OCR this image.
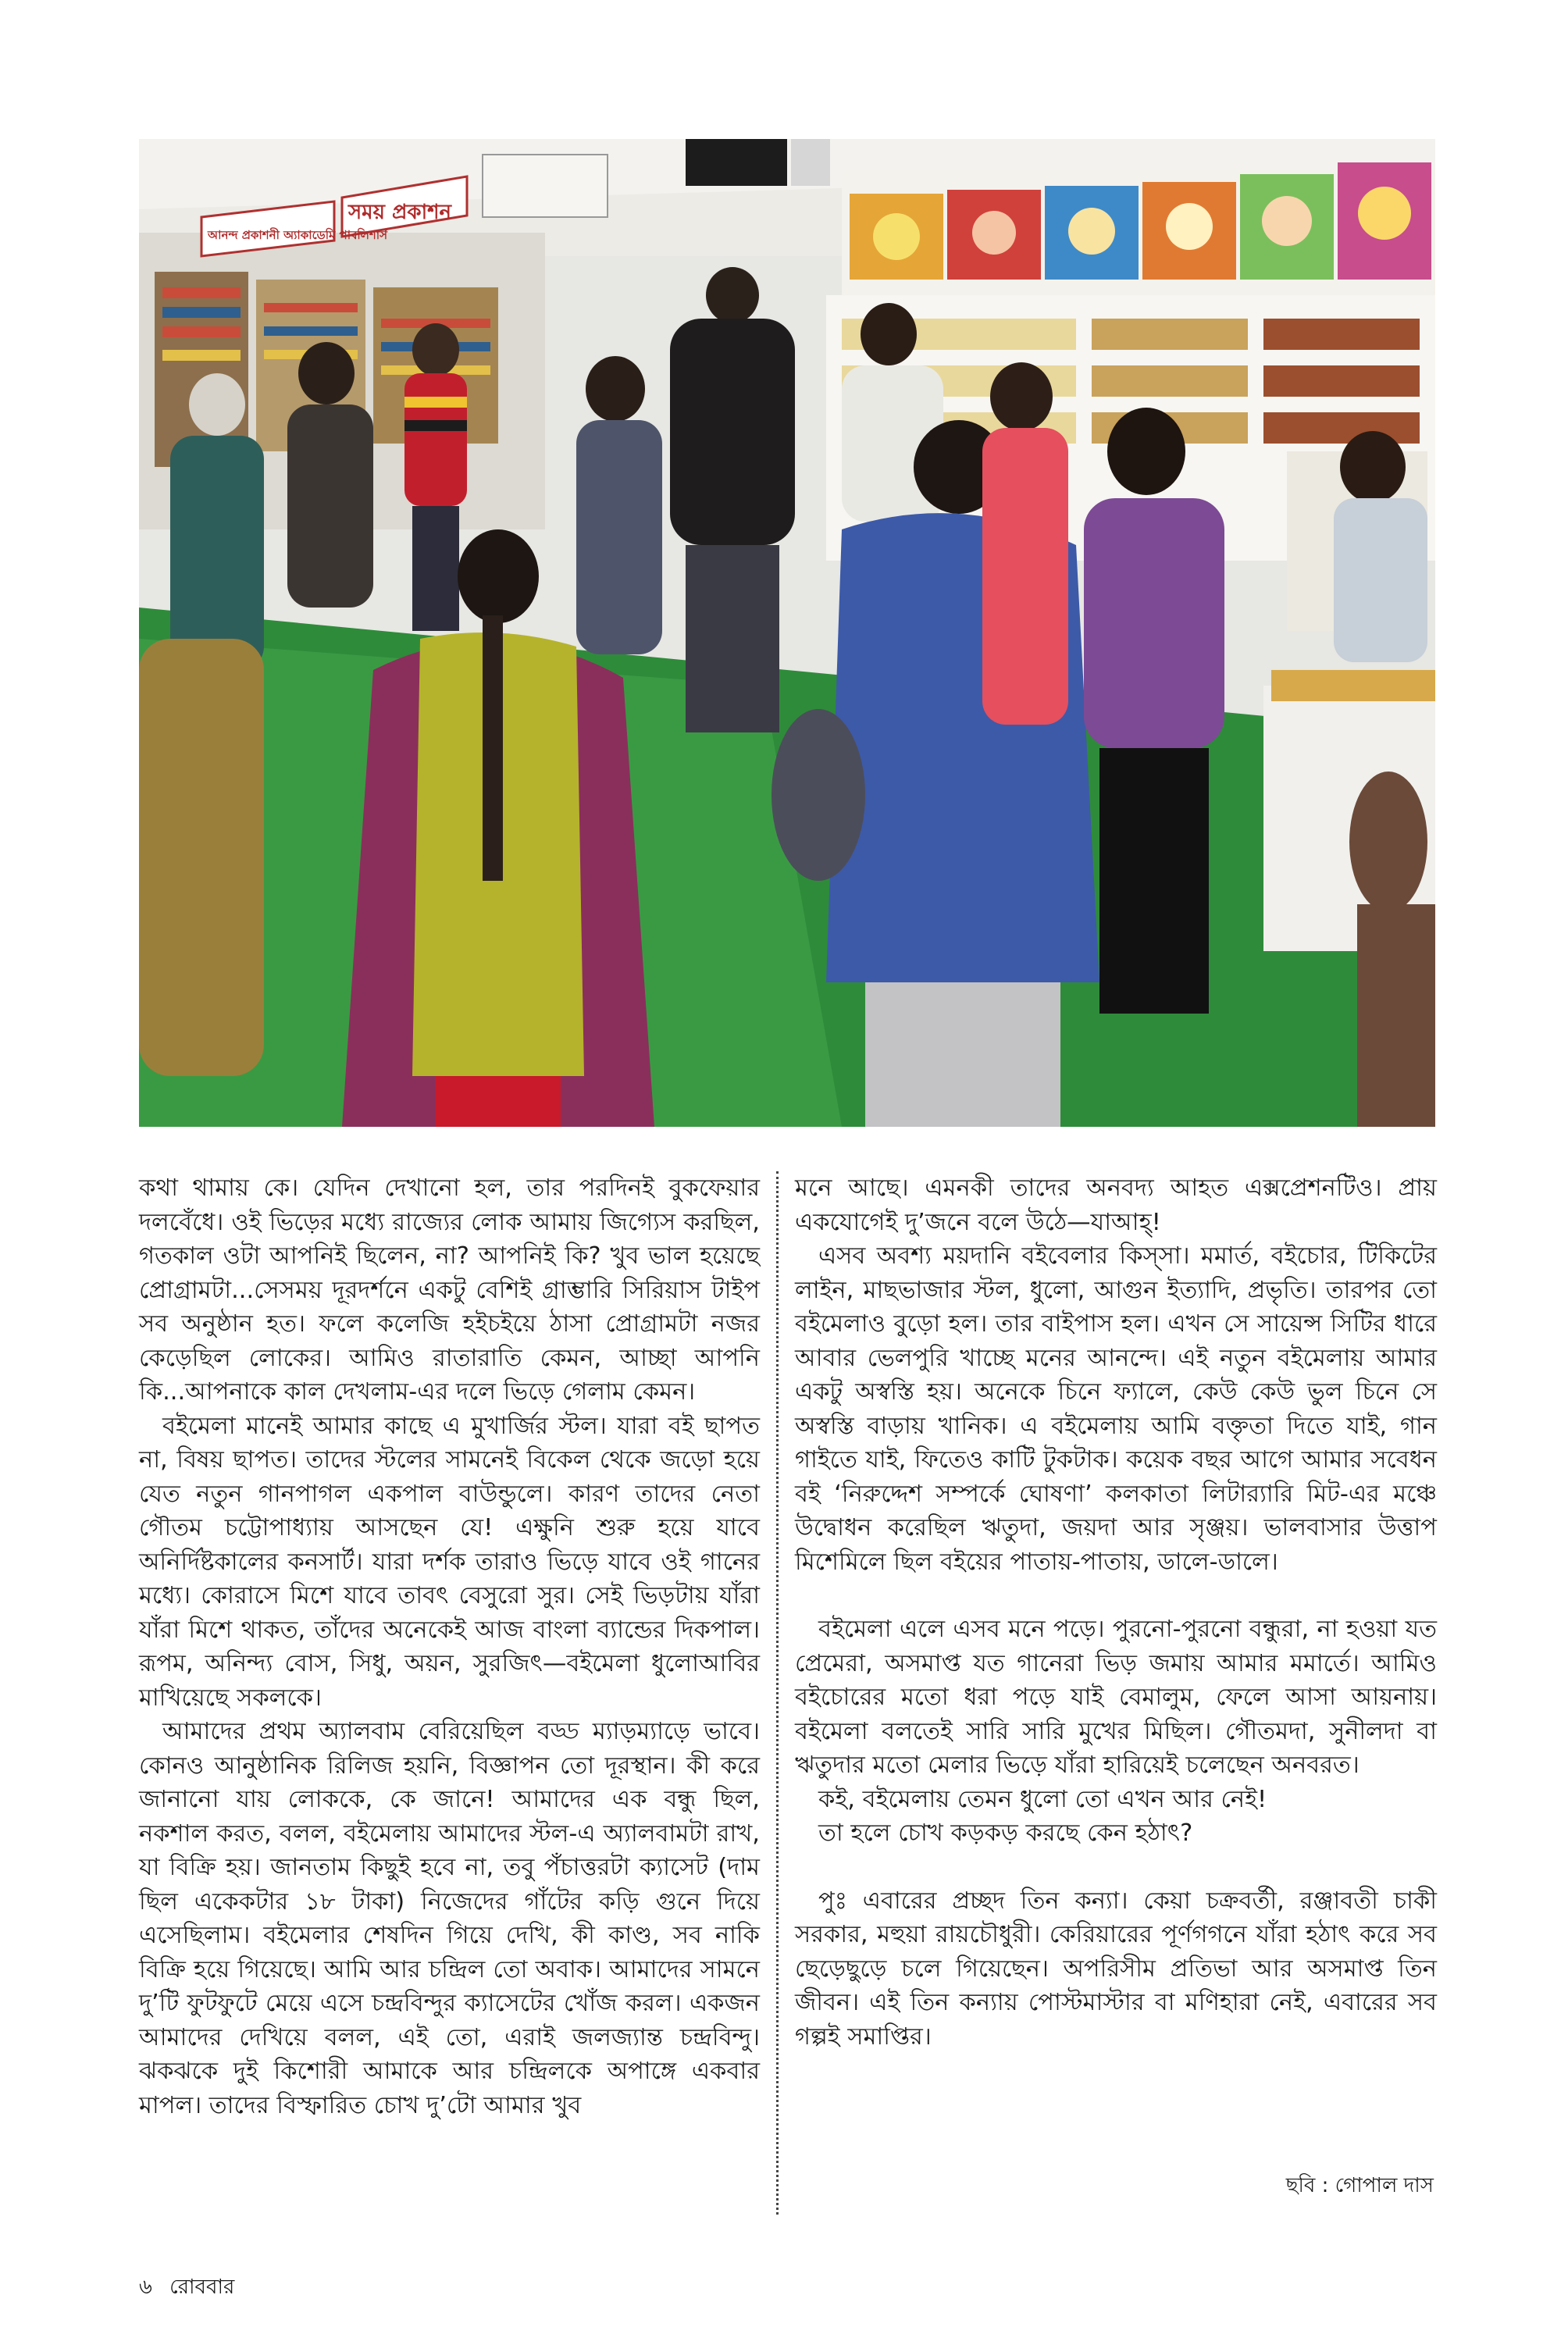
সময় প্রকাশন
আনন্দ প্রকাশনী অ্যাকাডেমি পাবলিশার্স

কথা থামায় কে। যেদিন দেখানো হল, তার পরদিনই বুকফেয়ার দলবেঁধে। ওই ভিড়ের মধ্যে রাজ্যের লোক আমায় জিগ্যেস করছিল, গতকাল ওটা আপনিই ছিলেন, না? আপনিই কি? খুব ভাল হয়েছে প্রোগ্রামটা...সেসময় দূরদর্শনে একটু বেশিই গ্রাম্ভারি সিরিয়াস টাইপ সব অনুষ্ঠান হত। ফলে কলেজি হইচইয়ে ঠাসা প্রোগ্রামটা নজর কেড়েছিল লোকের। আমিও রাতারাতি কেমন, আচ্ছা আপনি কি...আপনাকে কাল দেখলাম-এর দলে ভিড়ে গেলাম কেমন।

বইমেলা মানেই আমার কাছে এ মুখার্জির স্টল। যারা বই ছাপত না, বিষয় ছাপত। তাদের স্টলের সামনেই বিকেল থেকে জড়ো হয়ে যেত নতুন গানপাগল একপাল বাউন্ডুলে। কারণ তাদের নেতা গৌতম চট্টোপাধ্যায় আসছেন যে! এক্ষুনি শুরু হয়ে যাবে অনির্দিষ্টকালের কনসার্ট। যারা দর্শক তারাও ভিড়ে যাবে ওই গানের মধ্যে। কোরাসে মিশে যাবে তাবৎ বেসুরো সুর। সেই ভিড়টায় যাঁরা যাঁরা মিশে থাকত, তাঁদের অনেকেই আজ বাংলা ব্যান্ডের দিকপাল। রূপম, অনিন্দ্য বোস, সিধু, অয়ন, সুরজিৎ—বইমেলা ধুলোআবির মাখিয়েছে সকলকে।

আমাদের প্রথম অ্যালবাম বেরিয়েছিল বড্ড ম্যাড়ম্যাড়ে ভাবে। কোনও আনুষ্ঠানিক রিলিজ হয়নি, বিজ্ঞাপন তো দূরস্থান। কী করে জানানো যায় লোককে, কে জানে! আমাদের এক বন্ধু ছিল, নকশাল করত, বলল, বইমেলায় আমাদের স্টল-এ অ্যালবামটা রাখ, যা বিক্রি হয়। জানতাম কিছুই হবে না, তবু পঁচাত্তরটা ক্যাসেট (দাম ছিল একেকটার ১৮ টাকা) নিজেদের গাঁটের কড়ি গুনে দিয়ে এসেছিলাম। বইমেলার শেষদিন গিয়ে দেখি, কী কাণ্ড, সব নাকি বিক্রি হয়ে গিয়েছে। আমি আর চন্দ্রিল তো অবাক। আমাদের সামনে দু’টি ফুটফুটে মেয়ে এসে চন্দ্রবিন্দুর ক্যাসেটের খোঁজ করল। একজন আমাদের দেখিয়ে বলল, এই তো, এরাই জলজ্যান্ত চন্দ্রবিন্দু। ঝকঝকে দুই কিশোরী আমাকে আর চন্দ্রিলকে অপাঙ্গে একবার মাপল। তাদের বিস্ফারিত চোখ দু’টো আমার খুব

মনে আছে। এমনকী তাদের অনবদ্য আহত এক্সপ্রেশনটিও। প্রায় একযোগেই দু’জনে বলে উঠে—যাআহ্‌!

এসব অবশ্য ময়দানি বইবেলার কিস্‌সা। মমার্ত, বইচোর, টিকিটের লাইন, মাছভাজার স্টল, ধুলো, আগুন ইত্যাদি, প্রভৃতি। তারপর তো বইমেলাও বুড়ো হল। তার বাইপাস হল। এখন সে সায়েন্স সিটির ধারে আবার ভেলপুরি খাচ্ছে মনের আনন্দে। এই নতুন বইমেলায় আমার একটু অস্বস্তি হয়। অনেকে চিনে ফ্যালে, কেউ কেউ ভুল চিনে সে অস্বস্তি বাড়ায় খানিক। এ বইমেলায় আমি বক্তৃতা দিতে যাই, গান গাইতে যাই, ফিতেও কাটি টুকটাক। কয়েক বছর আগে আমার সবেধন বই ‘নিরুদ্দেশ সম্পর্কে ঘোষণা’ কলকাতা লিটার‍্যারি মিট-এর মঞ্চে উদ্বোধন করেছিল ঋতুদা, জয়দা আর সৃঞ্জয়। ভালবাসার উত্তাপ মিশেমিলে ছিল বইয়ের পাতায়-পাতায়, ডালে-ডালে।

বইমেলা এলে এসব মনে পড়ে। পুরনো-পুরনো বন্ধুরা, না হওয়া যত প্রেমেরা, অসমাপ্ত যত গানেরা ভিড় জমায় আমার মমার্তে। আমিও বইচোরের মতো ধরা পড়ে যাই বেমালুম, ফেলে আসা আয়নায়। বইমেলা বলতেই সারি সারি মুখের মিছিল। গৌতমদা, সুনীলদা বা ঋতুদার মতো মেলার ভিড়ে যাঁরা হারিয়েই চলেছেন অনবরত।

কই, বইমেলায় তেমন ধুলো তো এখন আর নেই!

তা হলে চোখ কড়কড় করছে কেন হঠাৎ?

পুঃ এবারের প্রচ্ছদ তিন কন্যা। কেয়া চক্রবর্তী, রঞ্জাবতী চাকী সরকার, মহুয়া রায়চৌধুরী। কেরিয়ারের পূর্ণগগনে যাঁরা হঠাৎ করে সব ছেড়েছুড়ে চলে গিয়েছেন। অপরিসীম প্রতিভা আর অসমাপ্ত তিন জীবন। এই তিন কন্যায় পোস্টমাস্টার বা মণিহারা নেই, এবারের সব গল্পই সমাপ্তির।

ছবি : গোপাল দাস
৬ রোববার
